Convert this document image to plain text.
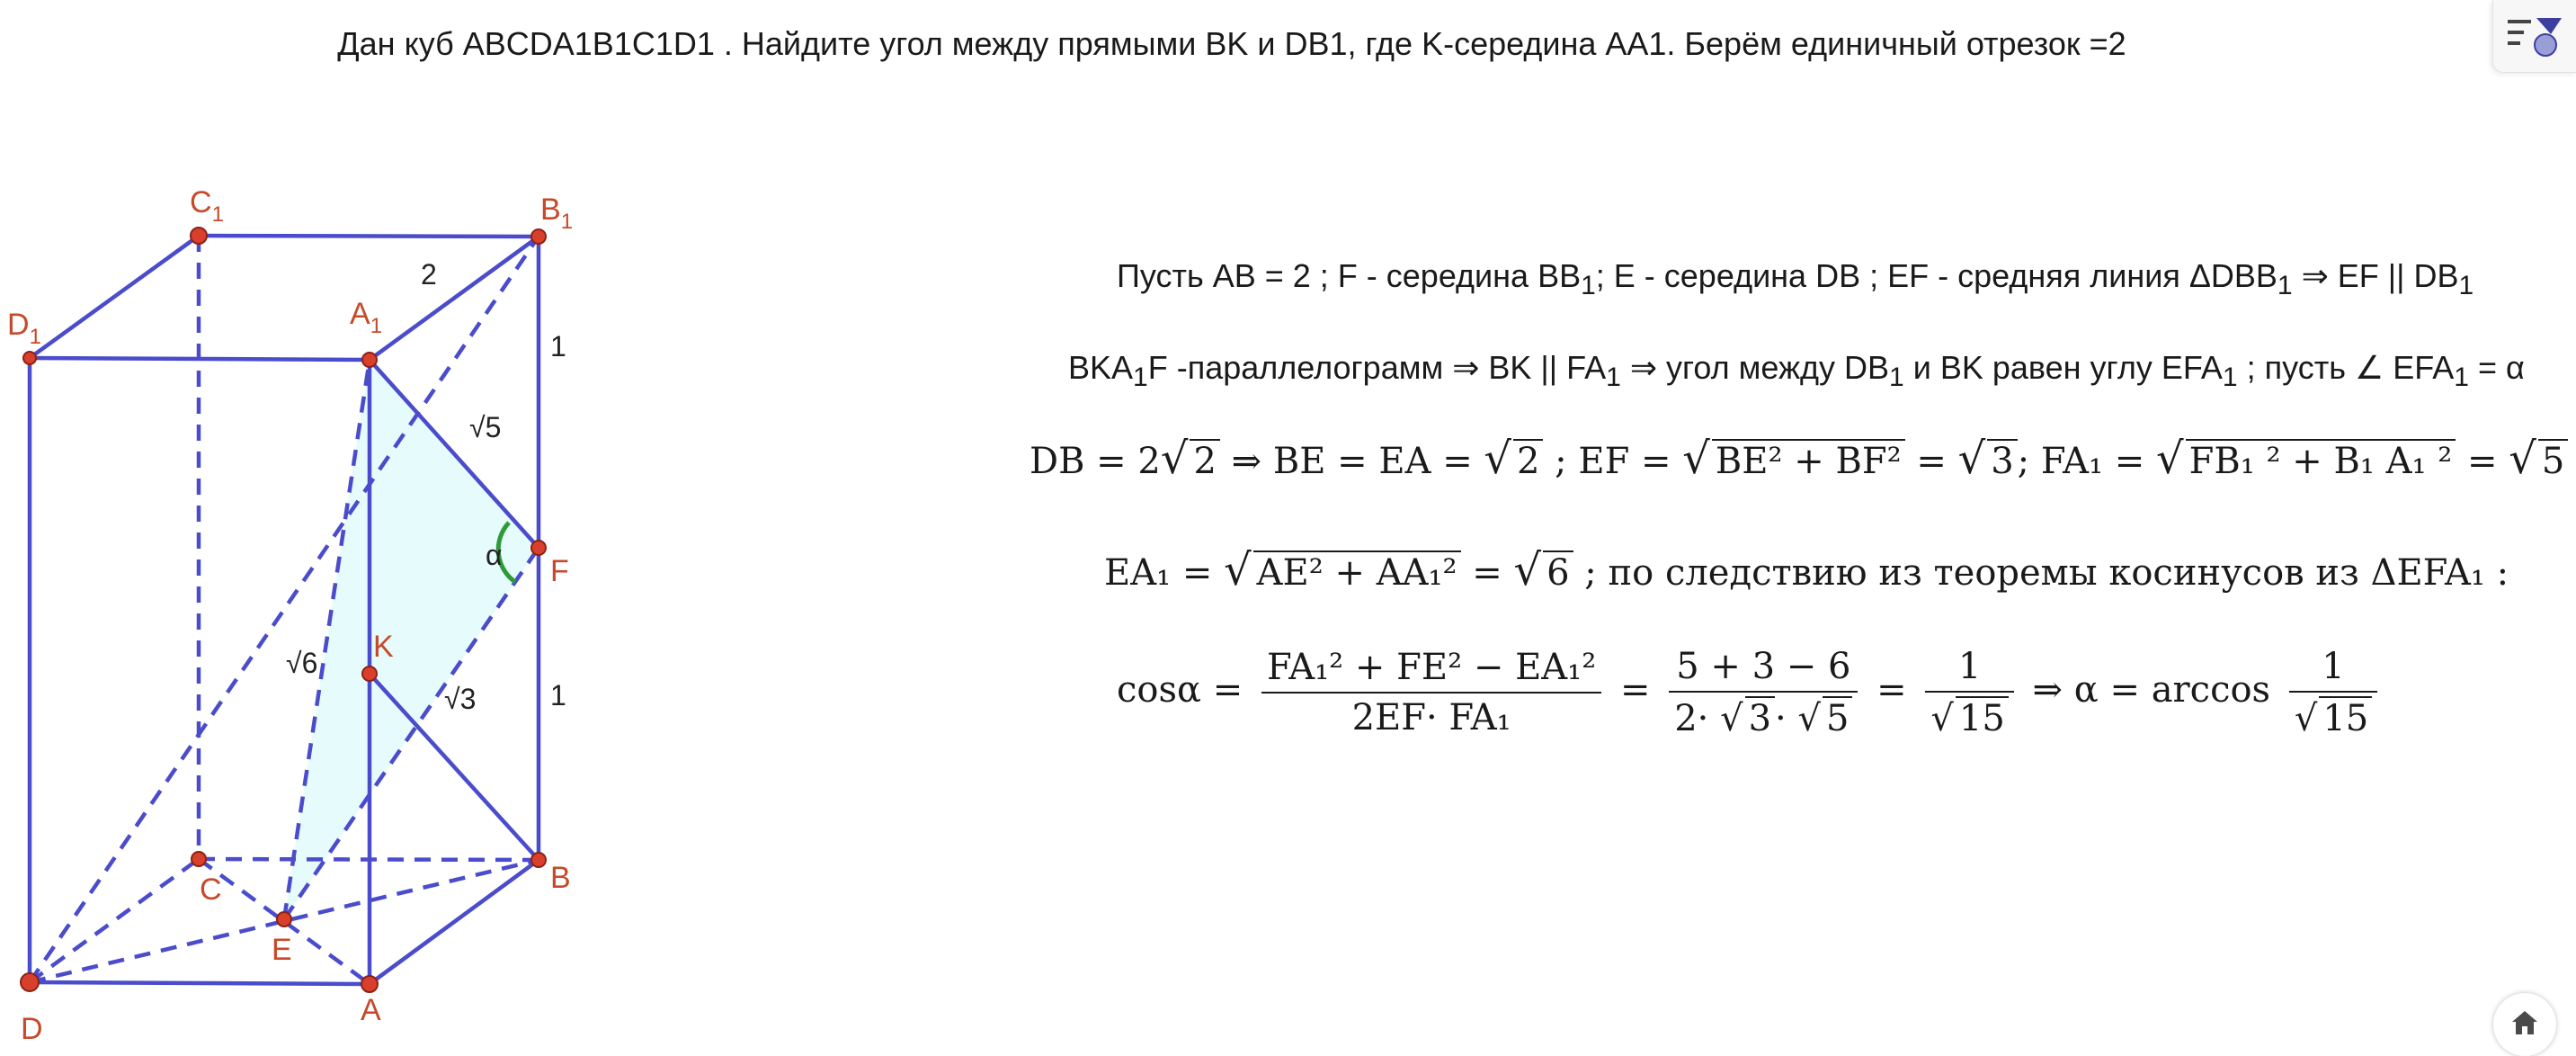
Дан куб ABCDA1B1C1D1 . Найдите угол между прямыми BK и DB1, где K-середина AA1. Берём единичный отрезок =2
$C_1$	$B_1$
$D_1$
$A_1$
F
K
C	B
E
D
A
2
1
1
√5
√6
√3
α
Пусть AB = 2 ; F - середина $BB_1$; E - середина DB ; EF - средняя линия $\Delta DBB_1$ ⇒ EF || $DB_1$
$BKA_1F$ -параллелограмм ⇒ BK || $FA_1$ ⇒ угол между $DB_1$ и BK равен углу $EFA_1$ ; пусть ∠ $EFA_1 = \alpha$
DB = 2√ 2 ⇒ BE = EA = √ 2 ; EF = √ BE² + BF² = √ 3 ; FA₁ = √ FB₁ ² + B₁ A₁ ² = √ 5
EA₁ = √ AE² + AA₁² = √ 6 ; по следствию из теоремы косинусов из ΔEFA₁ :
$\cos\alpha = \frac{\text{FA₁² + FE² − EA₁²}}{\text{2EF· FA₁}} = \frac{5 + 3 - 6}{2\cdot √ 3 \cdot √ 5} = \frac{1}{√ 15}$ ⇒ $\alpha = \arccos \frac{1}{√ 15}$
